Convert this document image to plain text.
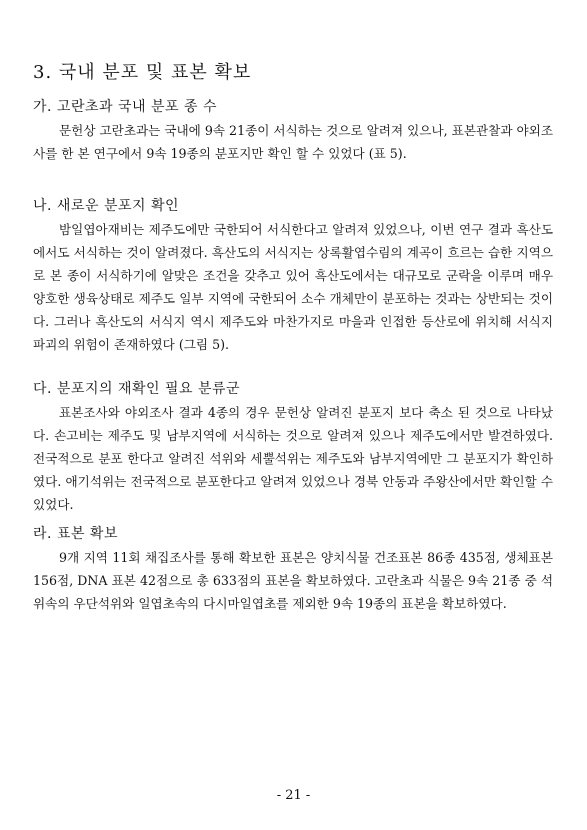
3. 국내 분포 및 표본 확보
가. 고란초과 국내 분포 종 수

문헌상 고란초과는 국내에 9속 21종이 서식하는 것으로 알려져 있으나, 표본관찰과 야외조사를 한 본 연구에서 9속 19종의 분포지만 확인 할 수 있었다 (표 5).

나. 새로운 분포지 확인

밤일엽아재비는 제주도에만 국한되어 서식한다고 알려져 있었으나, 이번 연구 결과 흑산도에서도 서식하는 것이 알려졌다. 흑산도의 서식지는 상록활엽수림의 계곡이 흐르는 습한 지역으로 본 종이 서식하기에 알맞은 조건을 갖추고 있어 흑산도에서는 대규모로 군락을 이루며 매우 양호한 생육상태로 제주도 일부 지역에 국한되어 소수 개체만이 분포하는 것과는 상반되는 것이다. 그러나 흑산도의 서식지 역시 제주도와 마찬가지로 마을과 인접한 등산로에 위치해 서식지 파괴의 위험이 존재하였다 (그림 5).

다. 분포지의 재확인 필요 분류군

표본조사와 야외조사 결과 4종의 경우 문헌상 알려진 분포지 보다 축소 된 것으로 나타났다. 손고비는 제주도 및 남부지역에 서식하는 것으로 알려져 있으나 제주도에서만 발견하였다. 전국적으로 분포 한다고 알려진 석위와 세뿔석위는 제주도와 남부지역에만 그 분포지가 확인하였다. 애기석위는 전국적으로 분포한다고 알려져 있었으나 경북 안동과 주왕산에서만 확인할 수 있었다.

라. 표본 확보

9개 지역 11회 채집조사를 통해 확보한 표본은 양치식물 건조표본 86종 435점, 생체표본156점, DNA 표본 42점으로 총 633점의 표본을 확보하였다. 고란초과 식물은 9속 21종 중 석위속의 우단석위와 일엽초속의 다시마일엽초를 제외한 9속 19종의 표본을 확보하였다.

- 21 -
